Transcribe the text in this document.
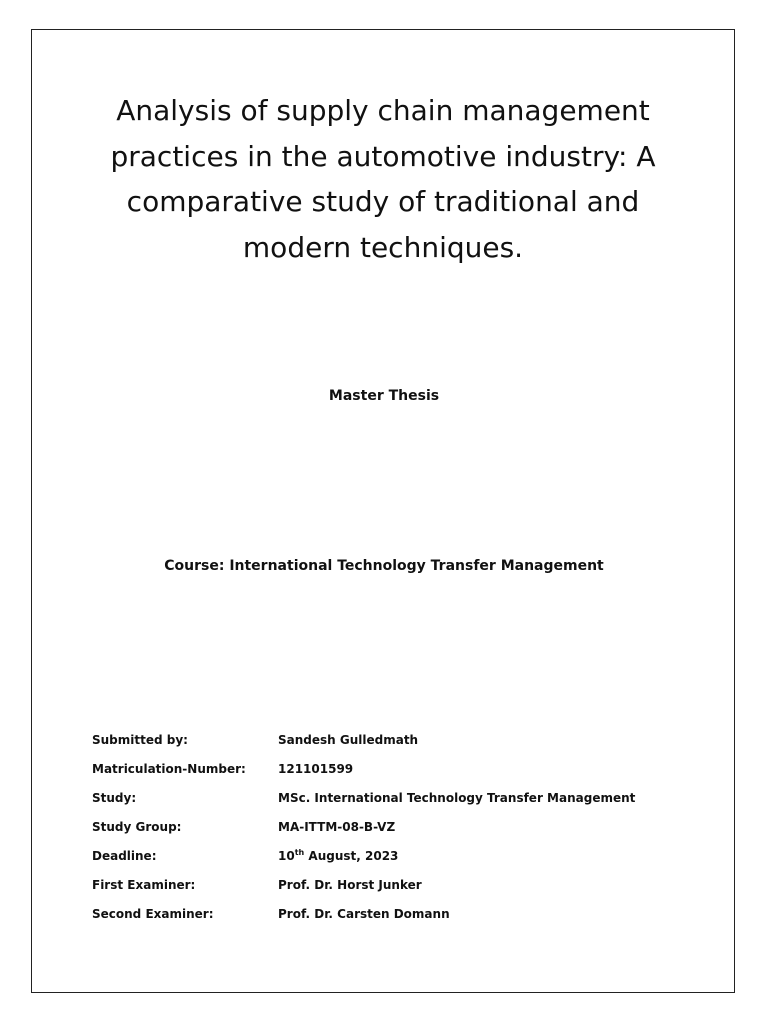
Analysis of supply chain management practices in the automotive industry: A comparative study of traditional and modern techniques.
Master Thesis
Course: International Technology Transfer Management
Submitted by:	Sandesh Gulledmath
Matriculation-Number:	121101599
Study:	MSc. International Technology Transfer Management
Study Group:	MA-ITTM-08-B-VZ
Deadline:	10th August, 2023
First Examiner:	Prof. Dr. Horst Junker
Second Examiner:	Prof. Dr. Carsten Domann
